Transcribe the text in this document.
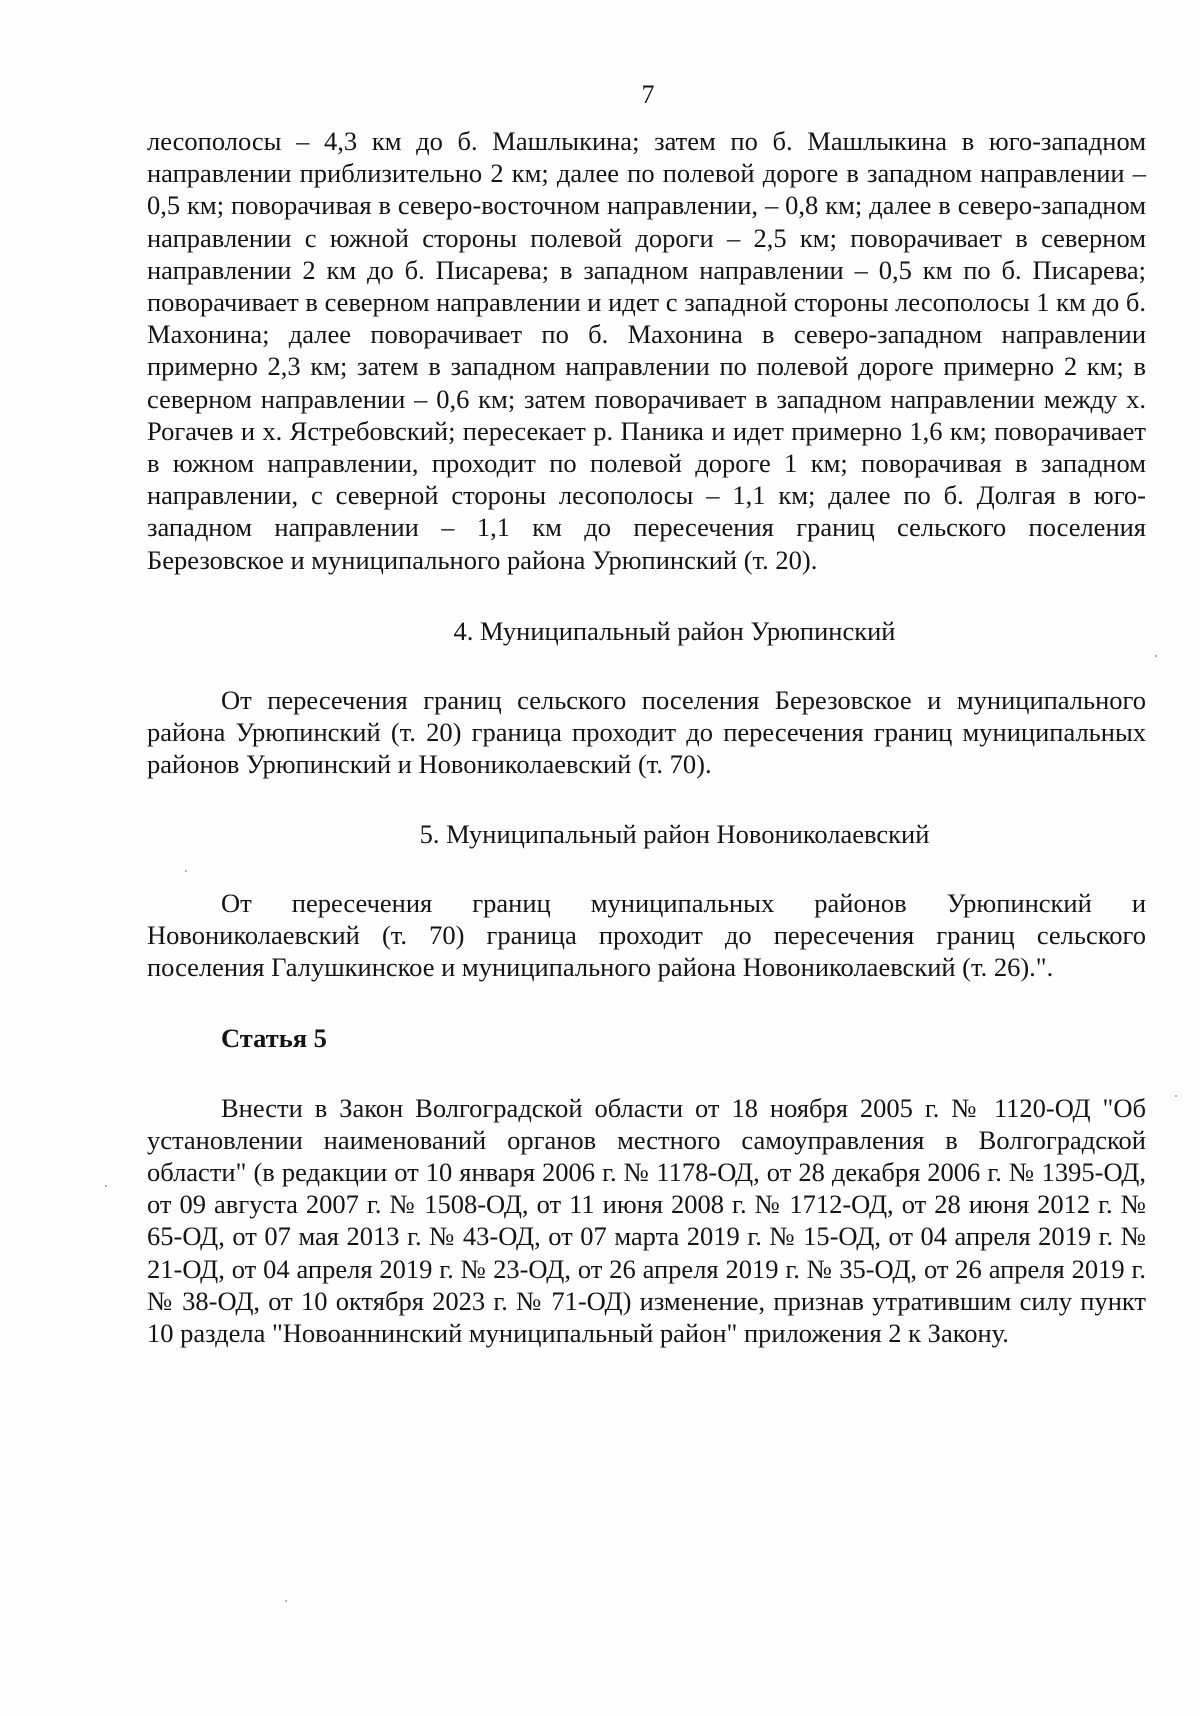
7

лесополосы – 4,3 км до б. Машлыкина; затем по б. Машлыкина в юго-западном направлении приблизительно 2 км; далее по полевой дороге в западном направлении – 0,5 км; поворачивая в северо-восточном направлении, – 0,8 км; далее в северо-западном направлении с южной стороны полевой дороги – 2,5 км; поворачивает в северном направлении 2 км до б. Писарева; в западном направлении – 0,5 км по б. Писарева; поворачивает в северном направлении и идет с западной стороны лесополосы 1 км до б. Махонина; далее поворачивает по б. Махонина в северо-западном направлении примерно 2,3 км; затем в западном направлении по полевой дороге примерно 2 км; в северном направлении – 0,6 км; затем поворачивает в западном направлении между х. Рогачев и х. Ястребовский; пересекает р. Паника и идет примерно 1,6 км; поворачивает в южном направлении, проходит по полевой дороге 1 км; поворачивая в западном направлении, с северной стороны лесополосы – 1,1 км; далее по б. Долгая в юго-западном направлении – 1,1 км до пересечения границ сельского поселения Березовское и муниципального района Урюпинский (т. 20).

4. Муниципальный район Урюпинский

От пересечения границ сельского поселения Березовское и муниципального района Урюпинский (т. 20) граница проходит до пересечения границ муниципальных районов Урюпинский и Новониколаевский (т. 70).

5. Муниципальный район Новониколаевский

От пересечения границ муниципальных районов Урюпинский и Новониколаевский (т. 70) граница проходит до пересечения границ сельского поселения Галушкинское и муниципального района Новониколаевский (т. 26).".

Статья 5

Внести в Закон Волгоградской области от 18 ноября 2005 г. № 1120-ОД "Об установлении наименований органов местного самоуправления в Волгоградской области" (в редакции от 10 января 2006 г. № 1178-ОД, от 28 декабря 2006 г. № 1395-ОД, от 09 августа 2007 г. № 1508-ОД, от 11 июня 2008 г. № 1712-ОД, от 28 июня 2012 г. № 65-ОД, от 07 мая 2013 г. № 43-ОД, от 07 марта 2019 г. № 15-ОД, от 04 апреля 2019 г. № 21-ОД, от 04 апреля 2019 г. № 23-ОД, от 26 апреля 2019 г. № 35-ОД, от 26 апреля 2019 г. № 38-ОД, от 10 октября 2023 г. № 71-ОД) изменение, признав утратившим силу пункт 10 раздела "Новоаннинский муниципальный район" приложения 2 к Закону.
